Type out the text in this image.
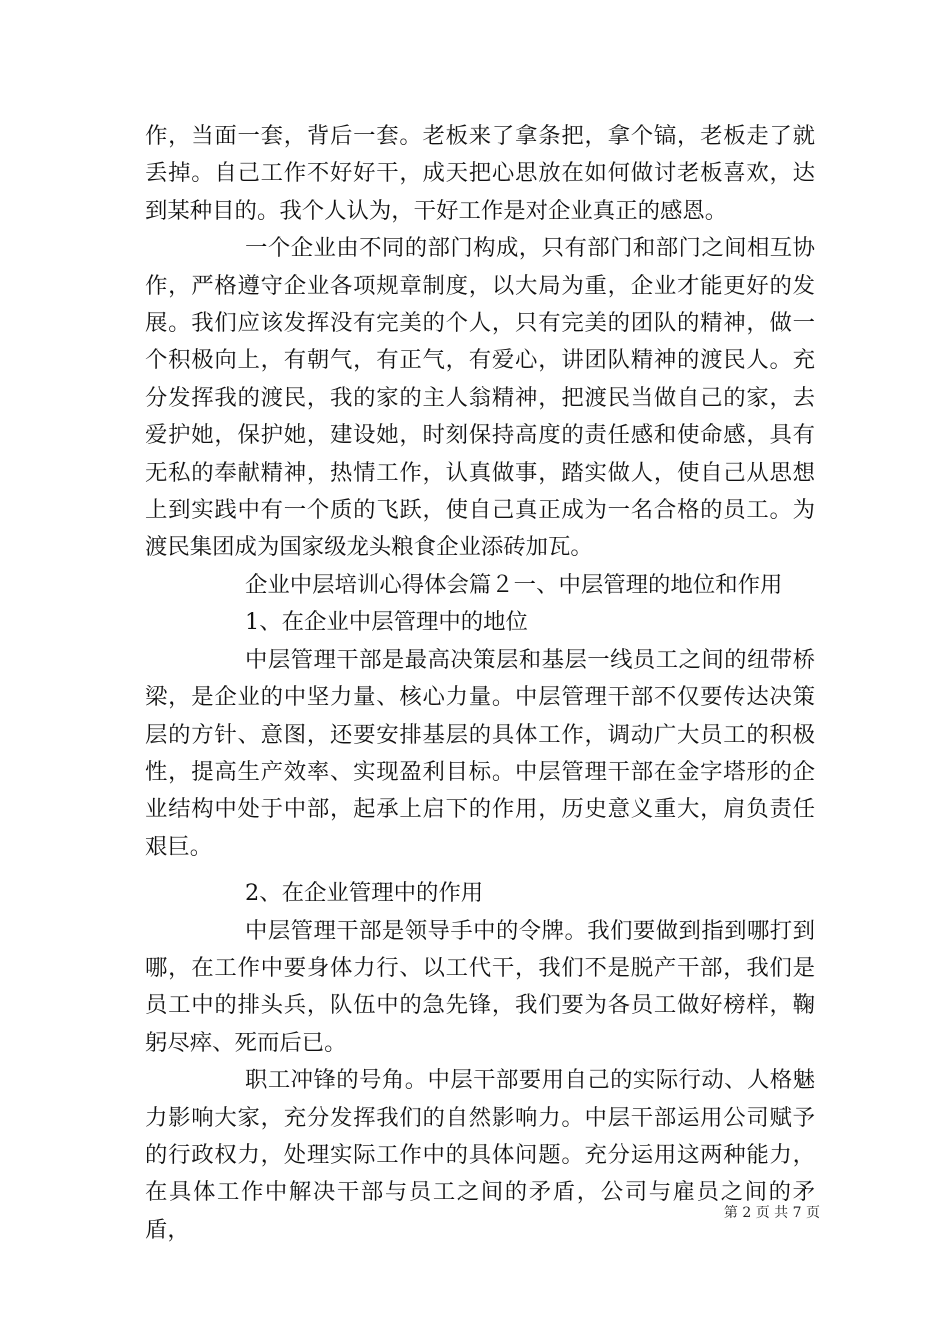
作，当面一套，背后一套。老板来了拿条把，拿个镐，老板走了就丢掉。自己工作不好好干，成天把心思放在如何做讨老板喜欢，达到某种目的。我个人认为，干好工作是对企业真正的感恩。

一个企业由不同的部门构成，只有部门和部门之间相互协作，严格遵守企业各项规章制度，以大局为重，企业才能更好的发展。我们应该发挥没有完美的个人，只有完美的团队的精神，做一个积极向上，有朝气，有正气，有爱心，讲团队精神的渡民人。充分发挥我的渡民，我的家的主人翁精神，把渡民当做自己的家，去爱护她，保护她，建设她，时刻保持高度的责任感和使命感，具有无私的奉献精神，热情工作，认真做事，踏实做人，使自己从思想上到实践中有一个质的飞跃，使自己真正成为一名合格的员工。为渡民集团成为国家级龙头粮食企业添砖加瓦。

企业中层培训心得体会篇２一、中层管理的地位和作用

1、在企业中层管理中的地位

中层管理干部是最高决策层和基层一线员工之间的纽带桥梁，是企业的中坚力量、核心力量。中层管理干部不仅要传达决策层的方针、意图，还要安排基层的具体工作，调动广大员工的积极性，提高生产效率、实现盈利目标。中层管理干部在金字塔形的企业结构中处于中部，起承上启下的作用，历史意义重大，肩负责任艰巨。

2、在企业管理中的作用

中层管理干部是领导手中的令牌。我们要做到指到哪打到哪，在工作中要身体力行、以工代干，我们不是脱产干部，我们是员工中的排头兵，队伍中的急先锋，我们要为各员工做好榜样，鞠躬尽瘁、死而后已。

职工冲锋的号角。中层干部要用自己的实际行动、人格魅力影响大家，充分发挥我们的自然影响力。中层干部运用公司赋予的行政权力，处理实际工作中的具体问题。充分运用这两种能力，在具体工作中解决干部与员工之间的矛盾，公司与雇员之间的矛盾，

第 2 页 共 7 页
